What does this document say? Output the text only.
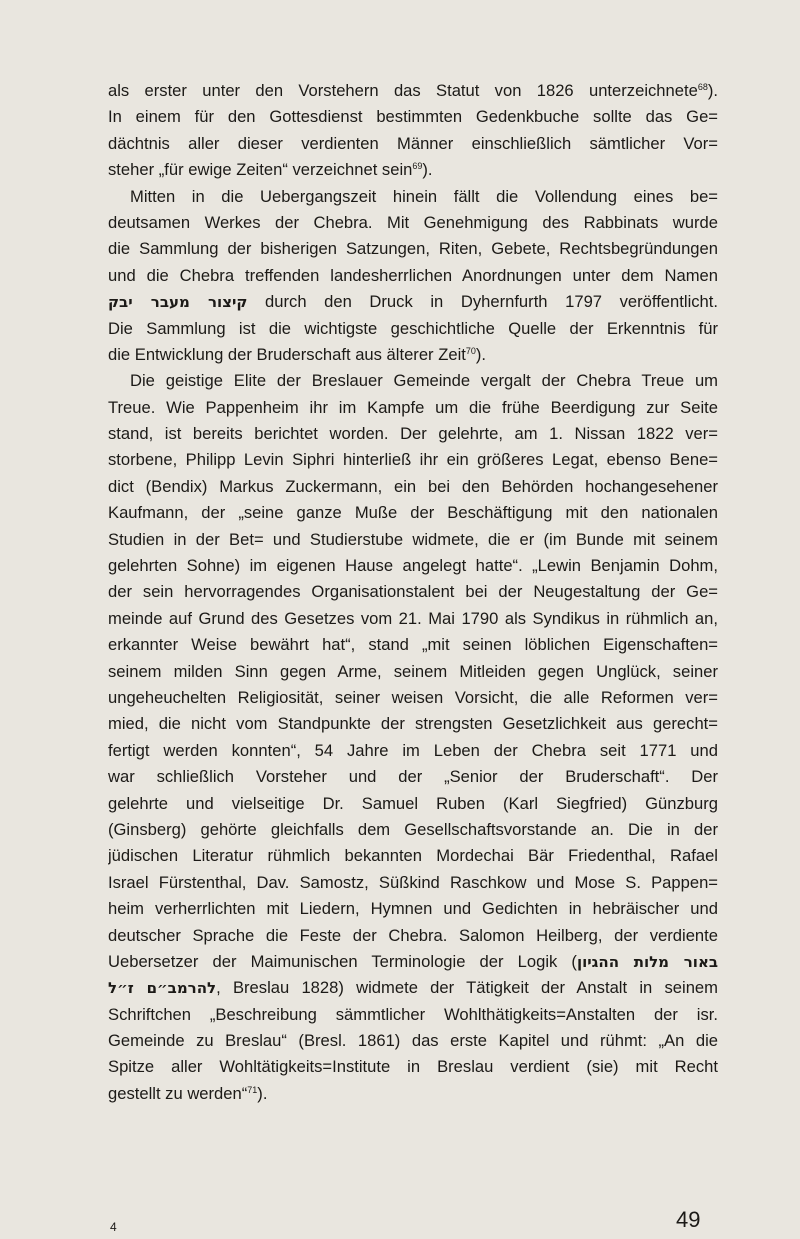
als erster unter den Vorstehern das Statut von 1826 unterzeichnete$^{68}$).
In einem für den Gottesdienst bestimmten Gedenkbuche sollte das Ge=
dächtnis aller dieser verdienten Männer einschließlich sämtlicher Vor=
steher „für ewige Zeiten“ verzeichnet sein$^{69}$).
Mitten in die Uebergangszeit hinein fällt die Vollendung eines be=
deutsamen Werkes der Chebra. Mit Genehmigung des Rabbinats wurde
die Sammlung der bisherigen Satzungen, Riten, Gebete, Rechtsbegründungen
und die Chebra treffenden landesherrlichen Anordnungen unter dem Namen
קיצור מעבר יבק durch den Druck in Dyhernfurth 1797 veröffentlicht.
Die Sammlung ist die wichtigste geschichtliche Quelle der Erkenntnis für
die Entwicklung der Bruderschaft aus älterer Zeit$^{70}$).
Die geistige Elite der Breslauer Gemeinde vergalt der Chebra Treue um
Treue. Wie Pappenheim ihr im Kampfe um die frühe Beerdigung zur Seite
stand, ist bereits berichtet worden. Der gelehrte, am 1. Nissan 1822 ver=
storbene, Philipp Levin Siphri hinterließ ihr ein größeres Legat, ebenso Bene=
dict (Bendix) Markus Zuckermann, ein bei den Behörden hochangesehener
Kaufmann, der „seine ganze Muße der Beschäftigung mit den nationalen
Studien in der Bet= und Studierstube widmete, die er (im Bunde mit seinem
gelehrten Sohne) im eigenen Hause angelegt hatte“. „Lewin Benjamin Dohm,
der sein hervorragendes Organisationstalent bei der Neugestaltung der Ge=
meinde auf Grund des Gesetzes vom 21. Mai 1790 als Syndikus in rühmlich an,
erkannter Weise bewährt hat“, stand „mit seinen löblichen Eigenschaften=
seinem milden Sinn gegen Arme, seinem Mitleiden gegen Unglück, seiner
ungeheuchelten Religiosität, seiner weisen Vorsicht, die alle Reformen ver=
mied, die nicht vom Standpunkte der strengsten Gesetzlichkeit aus gerecht=
fertigt werden konnten“, 54 Jahre im Leben der Chebra seit 1771 und
war schließlich Vorsteher und der „Senior der Bruderschaft“. Der
gelehrte und vielseitige Dr. Samuel Ruben (Karl Siegfried) Günzburg
(Ginsberg) gehörte gleichfalls dem Gesellschaftsvorstande an. Die in der
jüdischen Literatur rühmlich bekannten Mordechai Bär Friedenthal, Rafael
Israel Fürstenthal, Dav. Samostz, Süßkind Raschkow und Mose S. Pappen=
heim verherrlichten mit Liedern, Hymnen und Gedichten in hebräischer und
deutscher Sprache die Feste der Chebra. Salomon Heilberg, der verdiente
Uebersetzer der Maimunischen Terminologie der Logik (באור מלות ההגיון
להרמב״ם ז״ל, Breslau 1828) widmete der Tätigkeit der Anstalt in seinem
Schriftchen „Beschreibung sämmtlicher Wohlthätigkeits=Anstalten der isr.
Gemeinde zu Breslau“ (Bresl. 1861) das erste Kapitel und rühmt: „An die
Spitze aller Wohltätigkeits=Institute in Breslau verdient (sie) mit Recht
gestellt zu werden“$^{71}$).
4	49
